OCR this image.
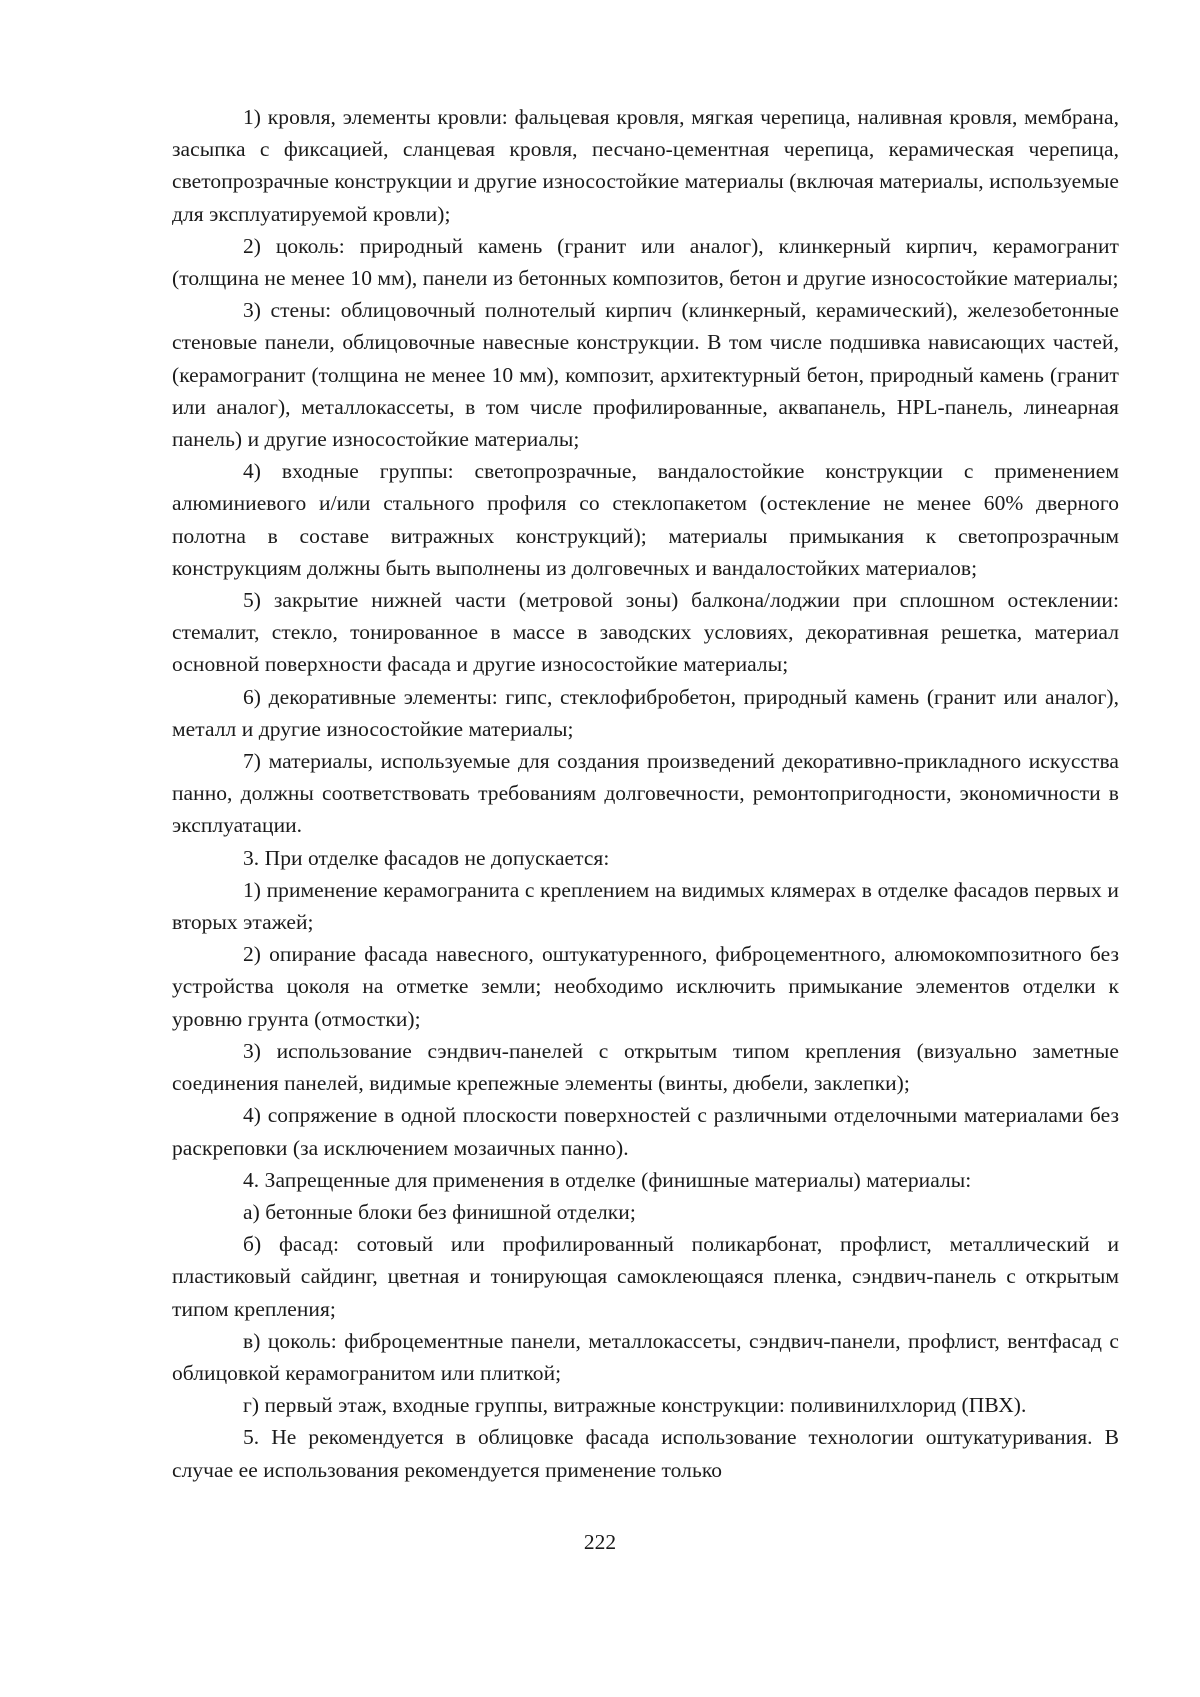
1) кровля, элементы кровли: фальцевая кровля, мягкая черепица, наливная кровля, мембрана, засыпка с фиксацией, сланцевая кровля, песчано-цементная черепица, керамическая черепица, светопрозрачные конструкции и другие износостойкие материалы (включая материалы, используемые для эксплуатируемой кровли);

2) цоколь: природный камень (гранит или аналог), клинкерный кирпич, керамогранит (толщина не менее 10 мм), панели из бетонных композитов, бетон и другие износостойкие материалы;

3) стены: облицовочный полнотелый кирпич (клинкерный, керамический), железобетонные стеновые панели, облицовочные навесные конструкции. В том числе подшивка нависающих частей, (керамогранит (толщина не менее 10 мм), композит, архитектурный бетон, природный камень (гранит или аналог), металлокассеты, в том числе профилированные, аквапанель, HPL-панель, линеарная панель) и другие износостойкие материалы;

4) входные группы: светопрозрачные, вандалостойкие конструкции с применением алюминиевого и/или стального профиля со стеклопакетом (остекление не менее 60% дверного полотна в составе витражных конструкций); материалы примыкания к светопрозрачным конструкциям должны быть выполнены из долговечных и вандалостойких материалов;

5) закрытие нижней части (метровой зоны) балкона/лоджии при сплошном остеклении: стемалит, стекло, тонированное в массе в заводских условиях, декоративная решетка, материал основной поверхности фасада и другие износостойкие материалы;

6) декоративные элементы: гипс, стеклофибробетон, природный камень (гранит или аналог), металл и другие износостойкие материалы;

7) материалы, используемые для создания произведений декоративно-прикладного искусства панно, должны соответствовать требованиям долговечности, ремонтопригодности, экономичности в эксплуатации.

3. При отделке фасадов не допускается:

1) применение керамогранита с креплением на видимых клямерах в отделке фасадов первых и вторых этажей;

2) опирание фасада навесного, оштукатуренного, фиброцементного, алюмокомпозитного без устройства цоколя на отметке земли; необходимо исключить примыкание элементов отделки к уровню грунта (отмостки);

3) использование сэндвич-панелей с открытым типом крепления (визуально заметные соединения панелей, видимые крепежные элементы (винты, дюбели, заклепки);

4) сопряжение в одной плоскости поверхностей с различными отделочными материалами без раскреповки (за исключением мозаичных панно).

4. Запрещенные для применения в отделке (финишные материалы) материалы:

а) бетонные блоки без финишной отделки;

б) фасад: сотовый или профилированный поликарбонат, профлист, металлический и пластиковый сайдинг, цветная и тонирующая самоклеющаяся пленка, сэндвич-панель с открытым типом крепления;

в) цоколь: фиброцементные панели, металлокассеты, сэндвич-панели, профлист, вентфасад с облицовкой керамогранитом или плиткой;

г) первый этаж, входные группы, витражные конструкции: поливинилхлорид (ПВХ).

5. Не рекомендуется в облицовке фасада использование технологии оштукатуривания. В случае ее использования рекомендуется применение только

222
